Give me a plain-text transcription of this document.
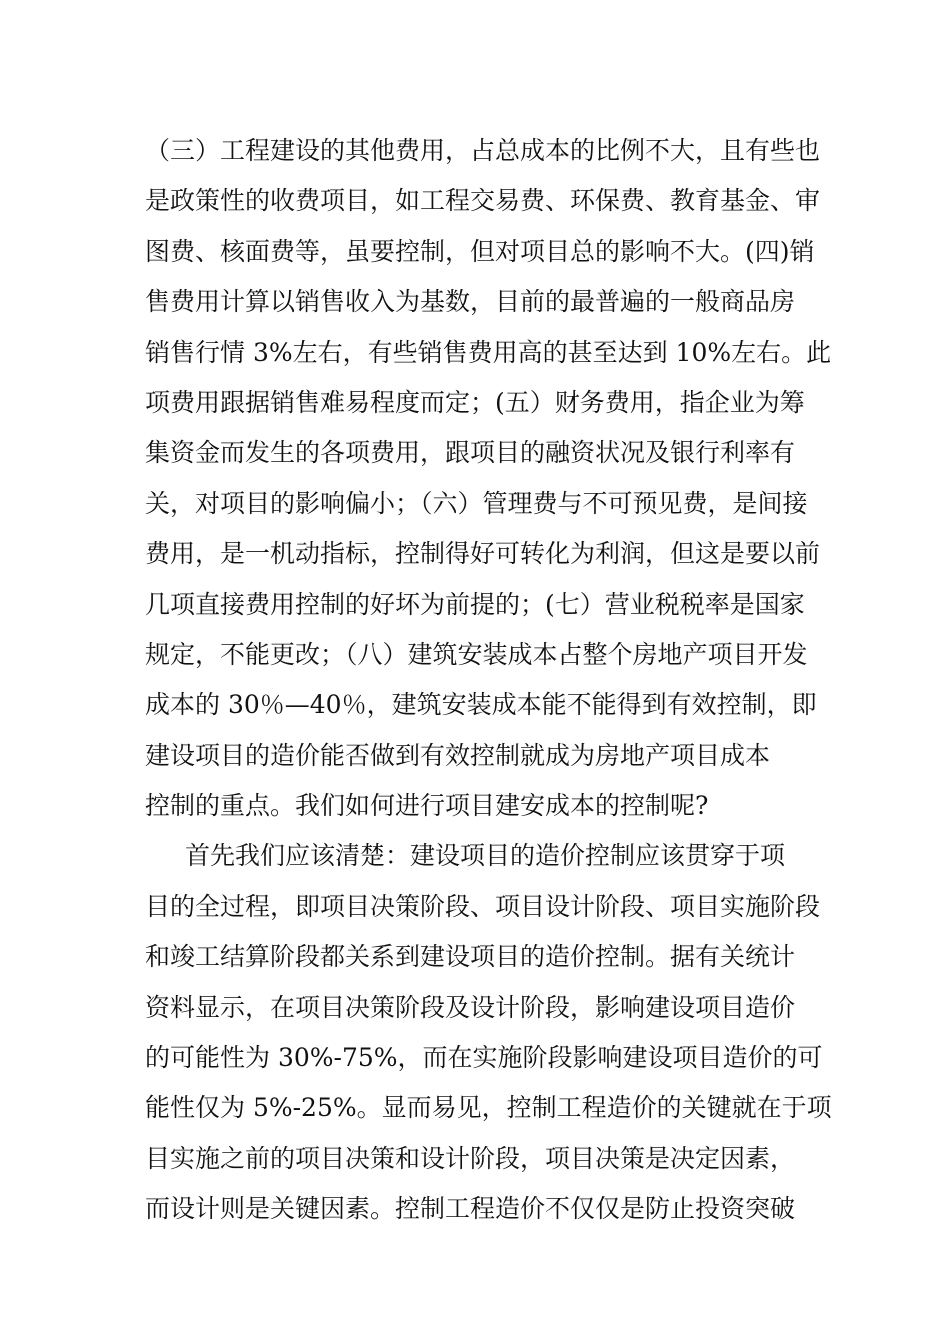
（三）工程建设的其他费用，占总成本的比例不大，且有些也
是政策性的收费项目，如工程交易费、环保费、教育基金、审
图费、核面费等，虽要控制，但对项目总的影响不大。(四)销
售费用计算以销售收入为基数，目前的最普遍的一般商品房
销售行情 3%左右，有些销售费用高的甚至达到 10%左右。此
项费用跟据销售难易程度而定；(五）财务费用，指企业为筹
集资金而发生的各项费用，跟项目的融资状况及银行利率有
关，对项目的影响偏小；（六）管理费与不可预见费，是间接
费用，是一机动指标，控制得好可转化为利润，但这是要以前
几项直接费用控制的好坏为前提的；(七）营业税税率是国家
规定，不能更改；（八）建筑安装成本占整个房地产项目开发
成本的 30％—40％，建筑安装成本能不能得到有效控制，即
建设项目的造价能否做到有效控制就成为房地产项目成本
控制的重点。我们如何进行项目建安成本的控制呢?
首先我们应该清楚：建设项目的造价控制应该贯穿于项
目的全过程，即项目决策阶段、项目设计阶段、项目实施阶段
和竣工结算阶段都关系到建设项目的造价控制。据有关统计
资料显示，在项目决策阶段及设计阶段，影响建设项目造价
的可能性为 30%-75%，而在实施阶段影响建设项目造价的可
能性仅为 5%-25%。显而易见，控制工程造价的关键就在于项
目实施之前的项目决策和设计阶段，项目决策是决定因素，
而设计则是关键因素。控制工程造价不仅仅是防止投资突破
